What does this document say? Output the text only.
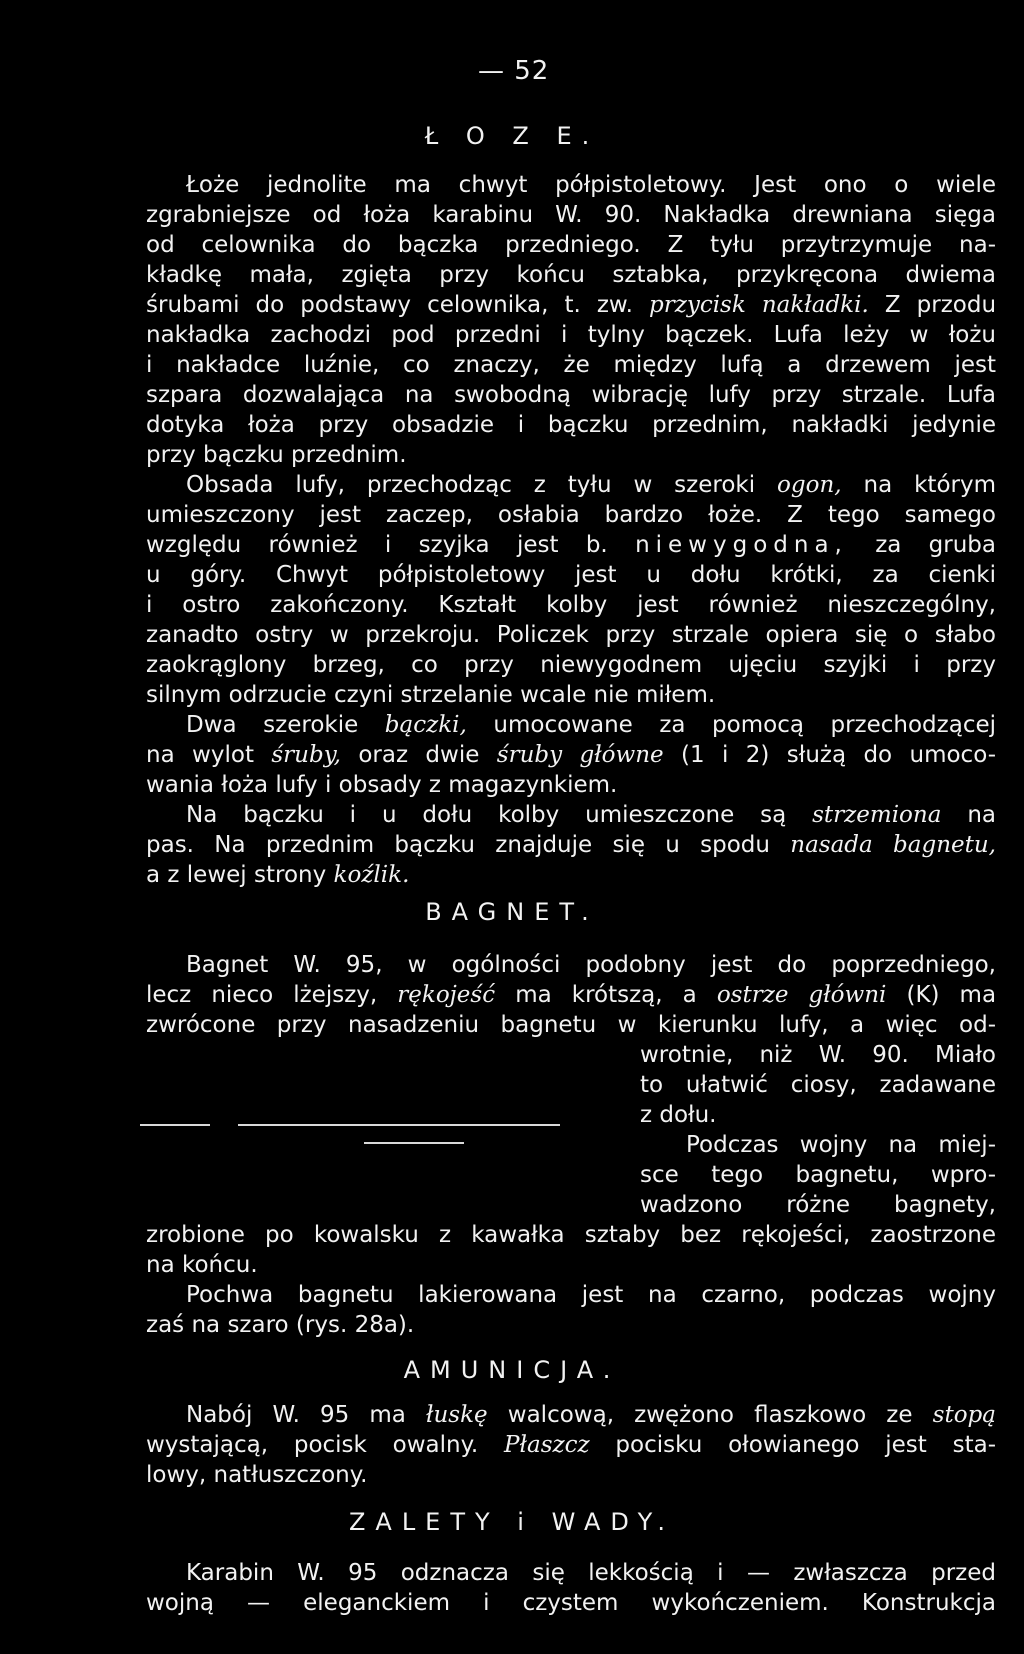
— 52
Ł O Z E.
Łoże jednolite ma chwyt półpistoletowy. Jest ono o wiele
zgrabniejsze od łoża karabinu W. 90. Nakładka drewniana sięga
od celownika do bączka przedniego. Z tyłu przytrzymuje na-
kładkę mała, zgięta przy końcu sztabka, przykręcona dwiema
śrubami do podstawy celownika, t. zw. przycisk nakładki. Z przodu
nakładka zachodzi pod przedni i tylny bączek. Lufa leży w łożu
i nakładce luźnie, co znaczy, że między lufą a drzewem jest
szpara dozwalająca na swobodną wibrację lufy przy strzale. Lufa
dotyka łoża przy obsadzie i bączku przednim, nakładki jedynie
przy bączku przednim.
Obsada lufy, przechodząc z tyłu w szeroki ogon, na którym
umieszczony jest zaczep, osłabia bardzo łoże. Z tego samego
względu również i szyjka jest b. niewygodna, za gruba
u góry. Chwyt półpistoletowy jest u dołu krótki, za cienki
i ostro zakończony. Kształt kolby jest również nieszczególny,
zanadto ostry w przekroju. Policzek przy strzale opiera się o słabo
zaokrąglony brzeg, co przy niewygodnem ujęciu szyjki i przy
silnym odrzucie czyni strzelanie wcale nie miłem.
Dwa szerokie bączki, umocowane za pomocą przechodzącej
na wylot śruby, oraz dwie śruby główne (1 i 2) służą do umoco-
wania łoża lufy i obsady z magazynkiem.
Na bączku i u dołu kolby umieszczone są strzemiona na
pas. Na przednim bączku znajduje się u spodu nasada bagnetu,
a z lewej strony koźlik.
BAGNET.
Bagnet W. 95, w ogólności podobny jest do poprzedniego,
lecz nieco lżejszy, rękojeść ma krótszą, a ostrze główni (K) ma
zwrócone przy nasadzeniu bagnetu w kierunku lufy, a więc od-
wrotnie, niż W. 90. Miało
to ułatwić ciosy, zadawane
z dołu.
Podczas wojny na miej-
sce tego bagnetu, wpro-
wadzono różne bagnety,
zrobione po kowalsku z kawałka sztaby bez rękojeści, zaostrzone
na końcu.
Pochwa bagnetu lakierowana jest na czarno, podczas wojny
zaś na szaro (rys. 28a).
AMUNICJA.
Nabój W. 95 ma łuskę walcową, zwężono flaszkowo ze stopą
wystającą, pocisk owalny. Płaszcz pocisku ołowianego jest sta-
lowy, natłuszczony.
ZALETY i WADY.
Karabin W. 95 odznacza się lekkością i — zwłaszcza przed
wojną — eleganckiem i czystem wykończeniem. Konstrukcja
